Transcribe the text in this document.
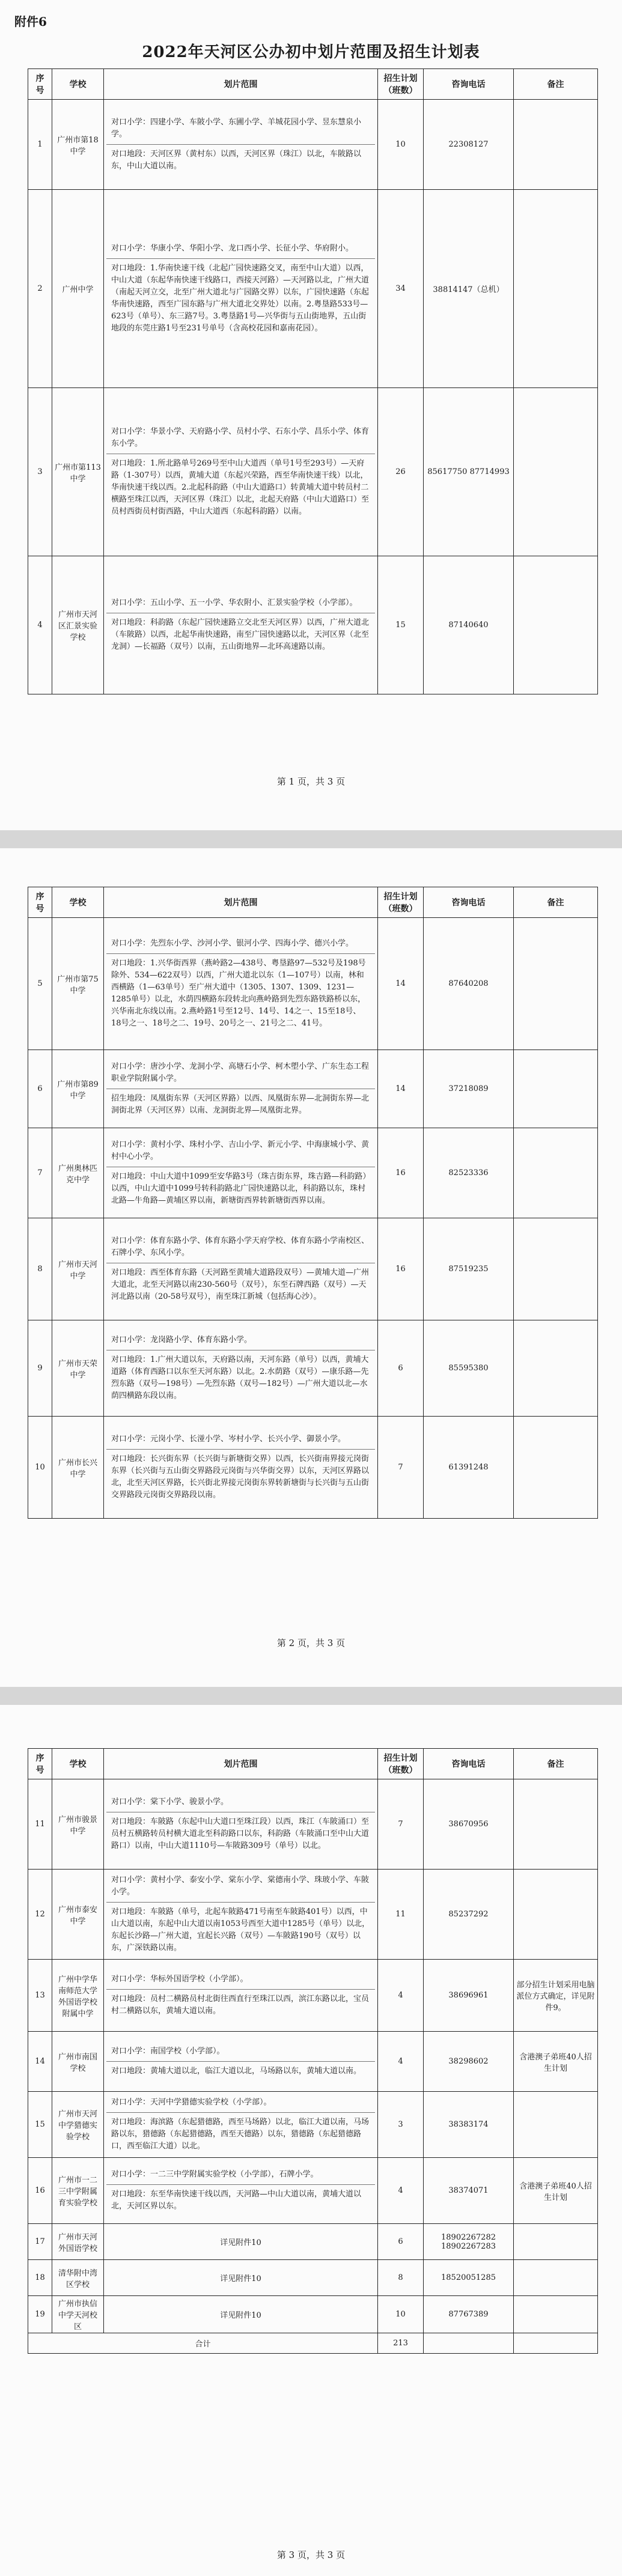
附件6
2022年天河区公办初中划片范围及招生计划表
序
号	学校	划片范围	招生计划
（班数）	咨询电话	备注
1	广州市第18中学	对口小学：四建小学、车陂小学、东圃小学、羊城花园小学、昱东慧泉小学。
对口地段：天河区界（黄村东）以西，天河区界（珠江）以北，车陂路以东，中山大道以南。	10	22308127	
2	广州中学	对口小学：华康小学、华阳小学、龙口西小学、长征小学、华府附小。
对口地段：1.华南快速干线（北起广园快速路交叉，南至中山大道）以西，中山大道（东起华南快速干线路口，西接天河路）—天河路以北，广州大道（南起天河立交，北至广州大道北与广园路交界）以东，广园快速路（东起华南快速路，西至广园东路与广州大道北交界处）以南。2.粤垦路533号—623号（单号）、东三路7号。3.粤垦路1号—兴华街与五山街地界，五山街地段的东莞庄路1号至231号单号（含高校花园和嘉南花园）。	34	38814147（总机）	
3	广州市第113中学	对口小学：华景小学、天府路小学、员村小学、石东小学、昌乐小学、体育东小学。
对口地段：1.所北路单号269号至中山大道西（单号1号至293号）—天府路（1-307号）以西，黄埔大道（东起兴荣路，西至华南快速干线）以北，华南快速干线以西。2.北起科韵路（中山大道路口）转黄埔大道中转员村二横路至珠江以西，天河区界（珠江）以北，北起天府路（中山大道路口）至员村西街员村街西路，中山大道西（东起科韵路）以南。	26	85617750 87714993	
4	广州市天河区汇景实验学校	对口小学：五山小学、五一小学、华农附小、汇景实验学校（小学部）。
对口地段：科韵路（东起广园快速路立交北至天河区界）以西，广州大道北（车陂路）以西，北起华南快速路，南至广园快速路以北，天河区界（北至龙洞）—长福路（双号）以南，五山街地界—北环高速路以南。	15	87140640	
第 1 页，共 3 页
序
号	学校	划片范围	招生计划
（班数）	咨询电话	备注
5	广州市第75中学	对口小学：先烈东小学、沙河小学、银河小学、四海小学、德兴小学。
对口地段：1.兴华街西界（燕岭路2—438号、粤垦路97—532号及198号除外、534—622双号）以西，广州大道北以东（1—107号）以南，林和西横路（1—63单号）至广州大道中（1305、1307、1309、1231—1285单号）以北，水荫四横路东段转北向燕岭路到先烈东路铁路桥以东，兴华南北东线以南。2.燕岭路1号至12号、14号、14之一、15至18号、18号之一、18号之二、19号、20号之一、21号之二、41号。	14	87640208	
6	广州市第89中学	对口小学：唐沙小学、龙洞小学、高塘石小学、柯木塱小学、广东生态工程职业学院附属小学。
招生地段：凤凰街东界（天河区界路）以西、凤凰街东界—北洞街东界—北洞街北界（天河区界）以南、龙洞街北界—凤凰街北界。	14	37218089	
7	广州奥林匹克中学	对口小学：黄村小学、珠村小学、吉山小学、新元小学、中海康城小学、黄村中心小学。
对口地段：中山大道中1099至安华路3号（珠吉街东界，珠吉路—科韵路）以西，中山大道中1099号转科韵路北广园快速路以北，科韵路以东，珠村北路—牛角路—黄埔区界以南，新塘街西界转新塘街西界以南。	16	82523336	
8	广州市天河中学	对口小学：体育东路小学、体育东路小学天府学校、体育东路小学南校区、石牌小学、东风小学。
对口地段：西至体育东路（天河路至黄埔大道路段双号）—黄埔大道—广州大道北，北至天河路以南230-560号（双号），东至石牌西路（双号）—天河北路以南（20-58号双号），南至珠江新城（包括海心沙）。	16	87519235	
9	广州市天荣中学	对口小学：龙岗路小学、体育东路小学。
对口地段：1.广州大道以东，天府路以南，天河东路（单号）以西，黄埔大道路（体育西路口以东至天河东路）以北。2.水荫路（双号）—康乐路—先烈东路（双号—198号）—先烈东路（双号—182号）—广州大道以北—水荫四横路东段以南。	6	85595380	
10	广州市长兴中学	对口小学：元岗小学、长湴小学、岑村小学、长兴小学、御景小学。
对口地段：长兴街东界（长兴街与新塘街交界）以西，长兴街南界接元岗街东界（长兴街与五山街交界路段元岗街与兴华街交界）以东，天河区界路以北，北至天河区界路，长兴街北界接元岗街东界转新塘街与长兴街与五山街交界路段元岗街交界路段以南。	7	61391248	
第 2 页，共 3 页
序
号	学校	划片范围	招生计划
（班数）	咨询电话	备注
11	广州市骏景中学	对口小学：棠下小学、骏景小学。
对口地段：车陂路（东起中山大道口至珠江段）以西，珠江（车陂涌口）至员村五横路转员村横大道北至科韵路口以东，科韵路（车陂涌口至中山大道路口）以南，中山大道1110号—车陂路309号（单号）以北。	7	38670956	
12	广州市泰安中学	对口小学：黄村小学、泰安小学、棠东小学、棠德南小学、珠玻小学、车陂小学。
对口地段：车陂路（单号，北起车陂路471号南至车陂路401号）以西，中山大道以南，东起中山大道以南1053号西至大道中1285号（单号）以北，东起长沙路—广州大道，宜起长兴路（双号）—车陂路190号（双号）以东，广深铁路以南。	11	85237292	
13	广州中学华南师范大学外国语学校附属中学	对口小学：华标外国语学校（小学部）。
对口地段：员村二横路员村北街往西直行至珠江以西，滨江东路以北，宝员村二横路以东，黄埔大道以南。	4	38696961	部分招生计划采用电脑派位方式确定，详见附件9。
14	广州市南国学校	对口小学：南国学校（小学部）。
对口地段：黄埔大道以北，临江大道以北，马场路以东，黄埔大道以南。	4	38298602	含港澳子弟班40人招生计划
15	广州市天河中学猎德实验学校	对口小学：天河中学猎德实验学校（小学部）。
对口地段：海滨路（东起猎德路，西至马场路）以北，临江大道以南，马场路以东，猎德路（东起猎德路，西至天德路）以东，猎德路（东起猎德路口，西至临江大道）以北。	3	38383174	
16	广州市一二三中学附属育实验学校	对口小学：一二三中学附属实验学校（小学部），石牌小学。
对口地段：东至华南快速干线以西，天河路—中山大道以南，黄埔大道以北，天河区界以东。	4	38374071	含港澳子弟班40人招生计划
17	广州市天河外国语学校	详见附件10	6	18902267282 18902267283	
18	清华附中湾区学校	详见附件10	8	18520051285	
19	广州市执信中学天河校区	详见附件10	10	87767389	
合计			213		
第 3 页，共 3 页
